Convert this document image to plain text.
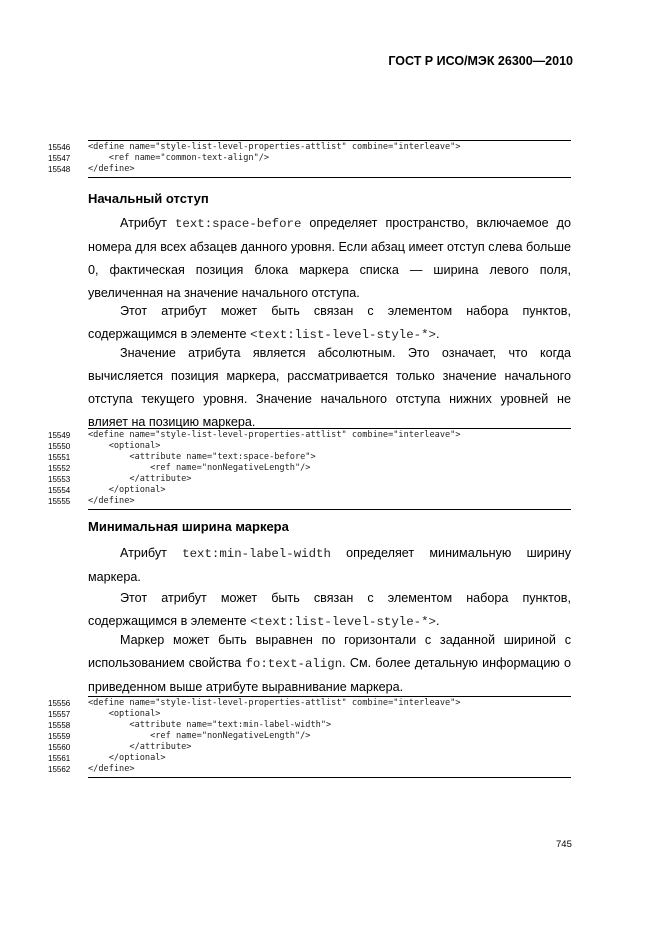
ГОСТ Р ИСО/МЭК 26300—2010
15546	<define name="style-list-level-properties-attlist" combine="interleave">
15547	<ref name="common-text-align"/>
15548	</define>
Начальный отступ
Атрибут text:space-before определяет пространство, включаемое до номера для всех абзацев данного уровня. Если абзац имеет отступ слева больше 0, фактическая позиция блока маркера списка — ширина левого поля, увеличенная на значение начального отступа.
Этот атрибут может быть связан с элементом набора пунктов, содержащимся в элементе <text:list-level-style-*>.
Значение атрибута является абсолютным. Это означает, что когда вычисляется позиция маркера, рассматривается только значение начального отступа текущего уровня. Значение начального отступа нижних уровней не влияет на позицию маркера.
15549	<define name="style-list-level-properties-attlist" combine="interleave">
15550	<optional>
15551	<attribute name="text:space-before">
15552	<ref name="nonNegativeLength"/>
15553	</attribute>
15554	</optional>
15555	</define>
Минимальная ширина маркера
Атрибут text:min-label-width определяет минимальную ширину
маркера.
Этот атрибут может быть связан с элементом набора пунктов, содержащимся в элементе <text:list-level-style-*>.
Маркер может быть выравнен по горизонтали с заданной шириной с использованием свойства fo:text-align. См. более детальную информацию о приведенном выше атрибуте выравнивание маркера.
15556	<define name="style-list-level-properties-attlist" combine="interleave">
15557	<optional>
15558	<attribute name="text:min-label-width">
15559	<ref name="nonNegativeLength"/>
15560	</attribute>
15561	</optional>
15562	</define>
745
